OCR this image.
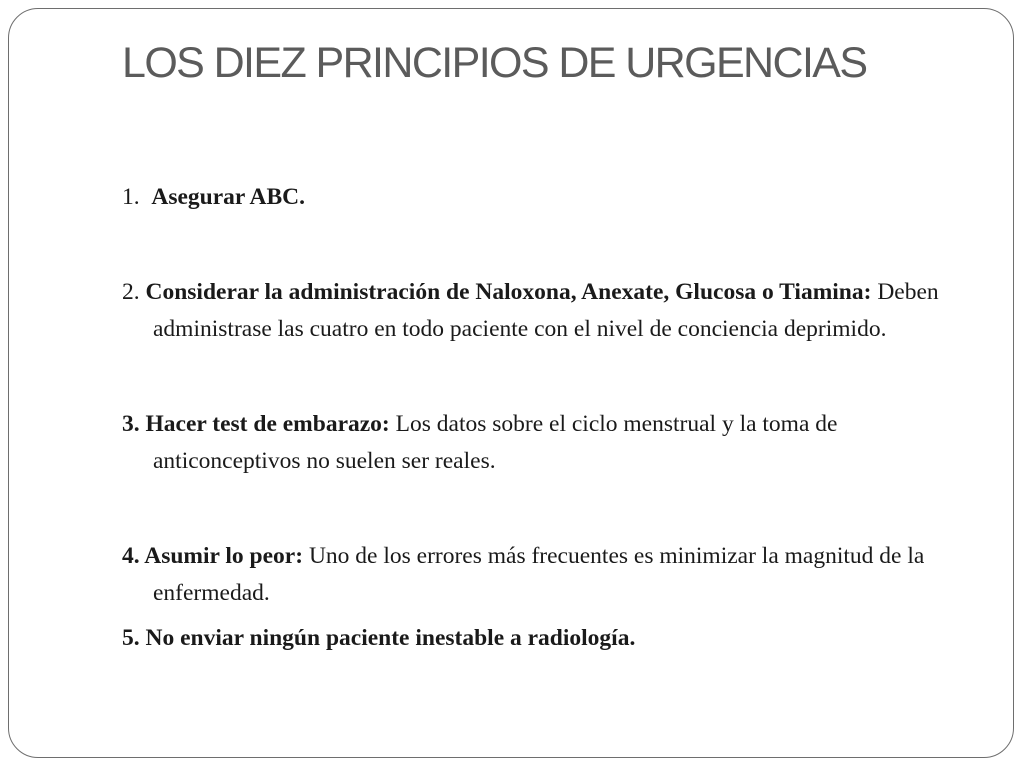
LOS DIEZ PRINCIPIOS DE URGENCIAS

1. Asegurar ABC.

2. Considerar la administración de Naloxona, Anexate, Glucosa o Tiamina: Deben administrase las cuatro en todo paciente con el nivel de conciencia deprimido.

3. Hacer test de embarazo: Los datos sobre el ciclo menstrual y la toma de anticonceptivos no suelen ser reales.

4. Asumir lo peor: Uno de los errores más frecuentes es minimizar la magnitud de la enfermedad.

5. No enviar ningún paciente inestable a radiología.
